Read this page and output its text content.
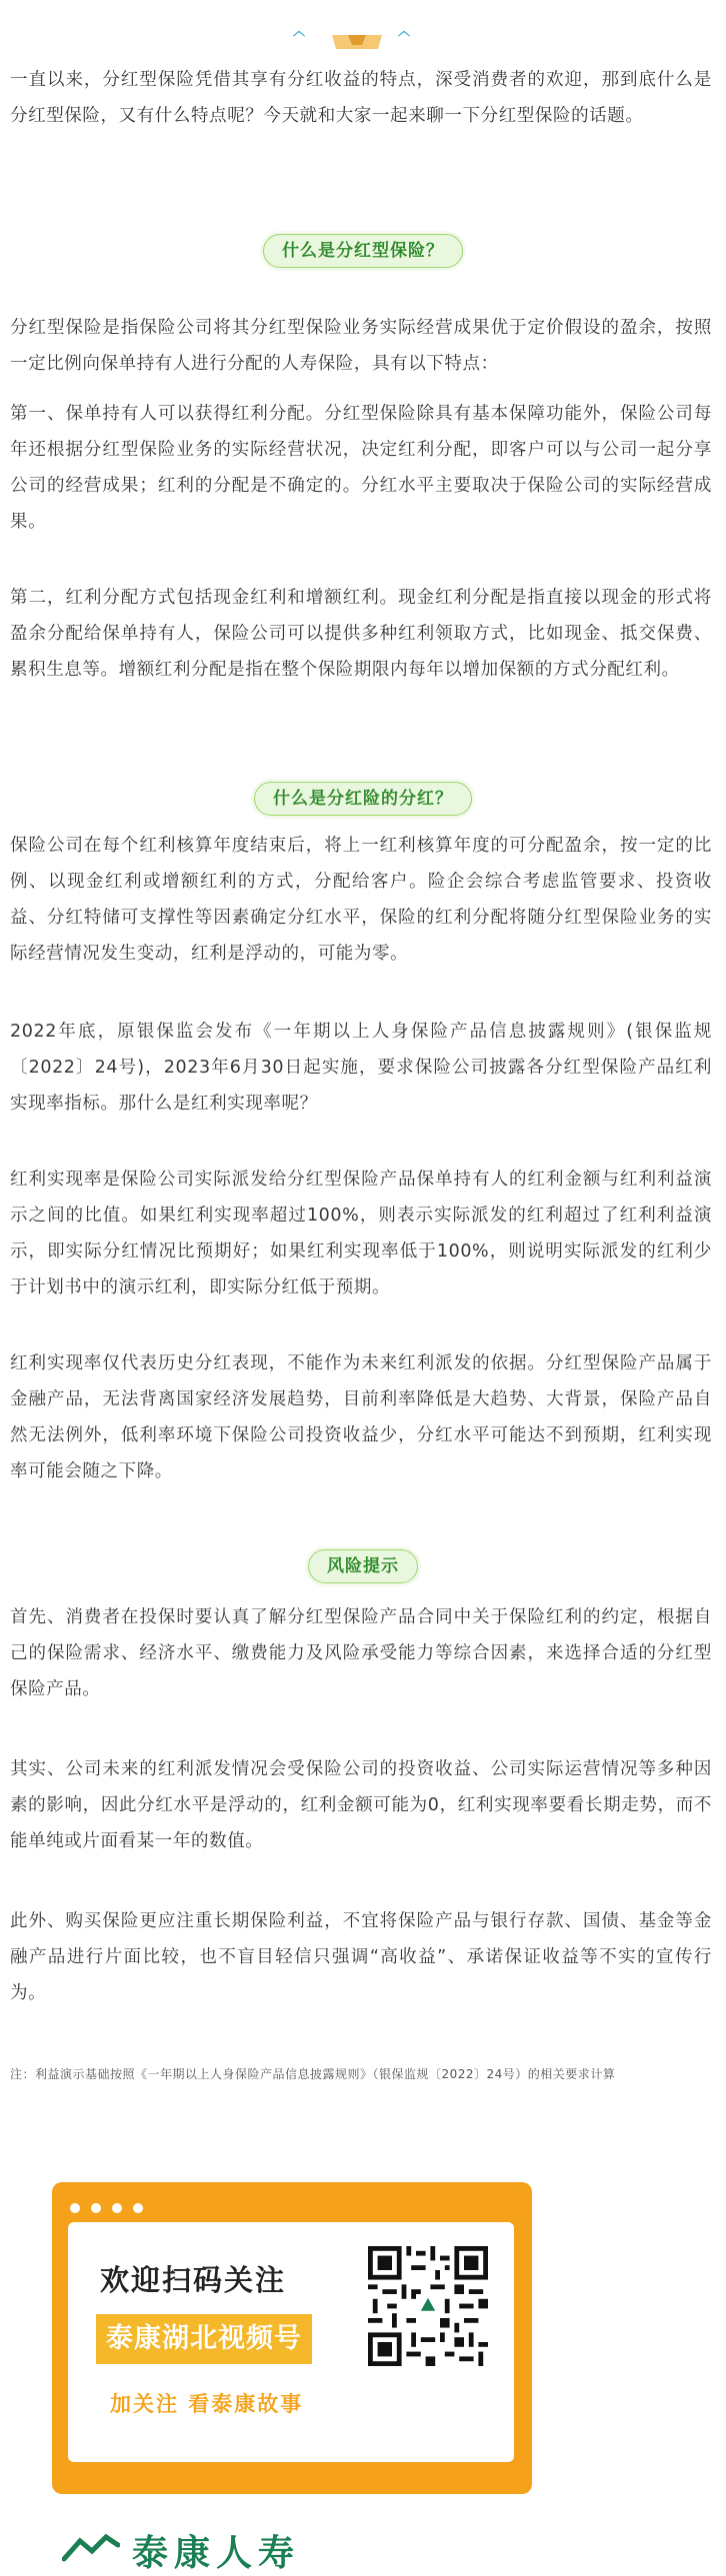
︿	︿
一直以来，分红型保险凭借其享有分红收益的特点，深受消费者的欢迎，那到底什么是分红型保险，又有什么特点呢？今天就和大家一起来聊一下分红型保险的话题。
什么是分红型保险？
分红型保险是指保险公司将其分红型保险业务实际经营成果优于定价假设的盈余，按照一定比例向保单持有人进行分配的人寿保险，具有以下特点：
第一、保单持有人可以获得红利分配。分红型保险除具有基本保障功能外，保险公司每年还根据分红型保险业务的实际经营状况，决定红利分配，即客户可以与公司一起分享公司的经营成果；红利的分配是不确定的。分红水平主要取决于保险公司的实际经营成果。
第二，红利分配方式包括现金红利和增额红利。现金红利分配是指直接以现金的形式将盈余分配给保单持有人，保险公司可以提供多种红利领取方式，比如现金、抵交保费、累积生息等。增额红利分配是指在整个保险期限内每年以增加保额的方式分配红利。
什么是分红险的分红？
保险公司在每个红利核算年度结束后，将上一红利核算年度的可分配盈余，按一定的比例、以现金红利或增额红利的方式，分配给客户。险企会综合考虑监管要求、投资收益、分红特储可支撑性等因素确定分红水平，保险的红利分配将随分红型保险业务的实际经营情况发生变动，红利是浮动的，可能为零。
2022年底，原银保监会发布《一年期以上人身保险产品信息披露规则》(银保监规〔2022〕24号)，2023年6月30日起实施，要求保险公司披露各分红型保险产品红利实现率指标。那什么是红利实现率呢？
红利实现率是保险公司实际派发给分红型保险产品保单持有人的红利金额与红利利益演示之间的比值。如果红利实现率超过100%，则表示实际派发的红利超过了红利利益演示，即实际分红情况比预期好；如果红利实现率低于100%，则说明实际派发的红利少于计划书中的演示红利，即实际分红低于预期。
红利实现率仅代表历史分红表现，不能作为未来红利派发的依据。分红型保险产品属于金融产品，无法背离国家经济发展趋势，目前利率降低是大趋势、大背景，保险产品自然无法例外，低利率环境下保险公司投资收益少，分红水平可能达不到预期，红利实现率可能会随之下降。
风险提示
首先、消费者在投保时要认真了解分红型保险产品合同中关于保险红利的约定，根据自己的保险需求、经济水平、缴费能力及风险承受能力等综合因素，来选择合适的分红型保险产品。
其实、公司未来的红利派发情况会受保险公司的投资收益、公司实际运营情况等多种因素的影响，因此分红水平是浮动的，红利金额可能为0，红利实现率要看长期走势，而不能单纯或片面看某一年的数值。
此外、购买保险更应注重长期保险利益，不宜将保险产品与银行存款、国债、基金等金融产品进行片面比较，也不盲目轻信只强调“高收益”、承诺保证收益等不实的宣传行为。
注：利益演示基础按照《一年期以上人身保险产品信息披露规则》（银保监规〔2022〕24号）的相关要求计算

欢迎扫码关注
泰康湖北视频号
加关注 看泰康故事
泰康人寿
